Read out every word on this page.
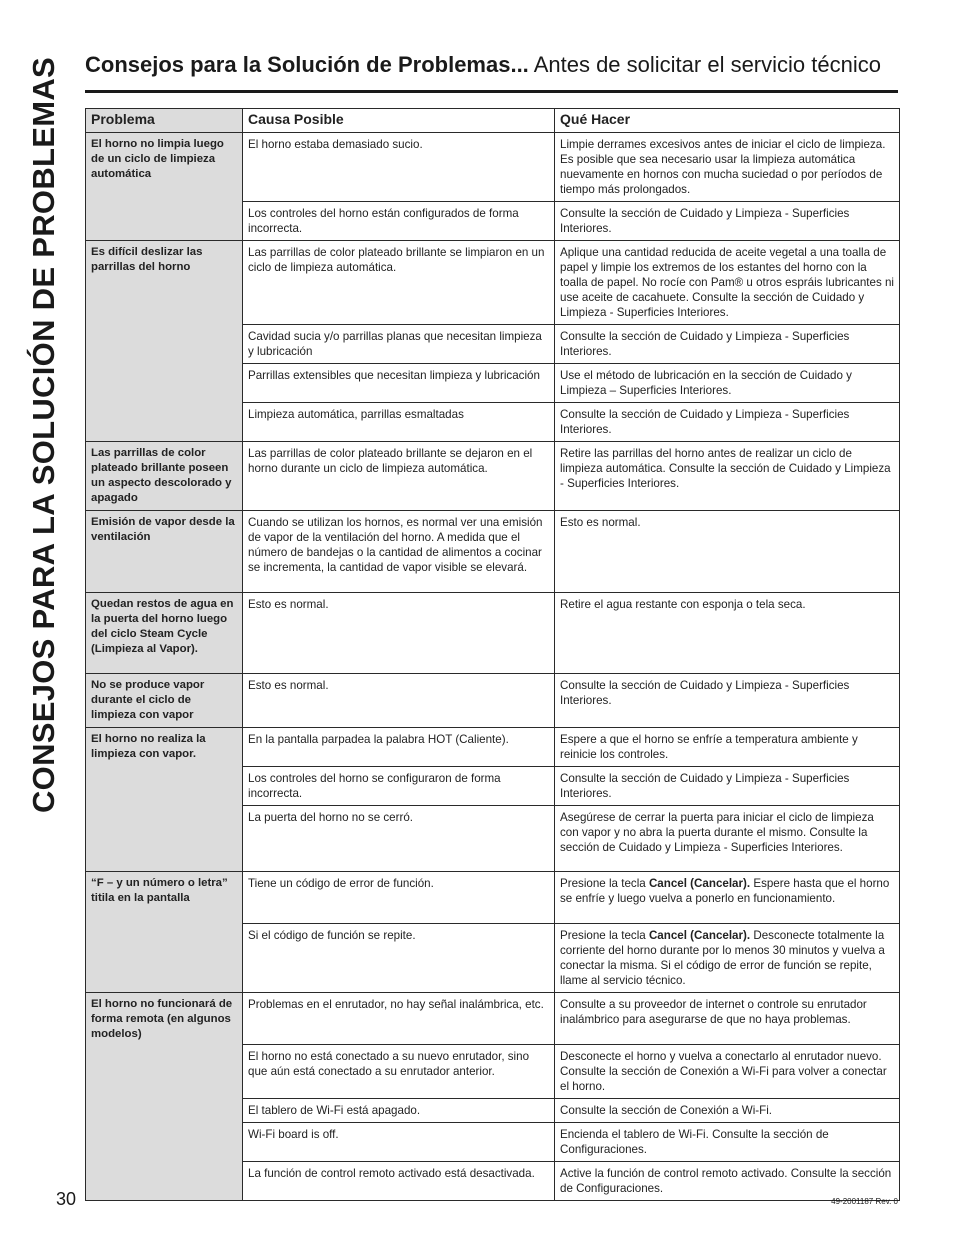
CONSEJOS PARA LA SOLUCIÓN DE PROBLEMAS Consejos para la Solución de Problemas... Antes de solicitar el servicio técnico
Problema	Causa Posible	Qué Hacer
El horno no limpia luego de un ciclo de limpieza automática	El horno estaba demasiado sucio.	Limpie derrames excesivos antes de iniciar el ciclo de limpieza. Es posible que sea necesario usar la limpieza automática nuevamente en hornos con mucha suciedad o por períodos de tiempo más prolongados.
	Los controles del horno están configurados de forma incorrecta.	Consulte la sección de Cuidado y Limpieza - Superficies Interiores.
Es difícil deslizar las parrillas del horno	Las parrillas de color plateado brillante se limpiaron en un ciclo de limpieza automática.	Aplique una cantidad reducida de aceite vegetal a una toalla de papel y limpie los extremos de los estantes del horno con la toalla de papel. No rocíe con Pam® u otros espráis lubricantes ni use aceite de cacahuete. Consulte la sección de Cuidado y Limpieza - Superficies Interiores.
	Cavidad sucia y/o parrillas planas que necesitan limpieza y lubricación	Consulte la sección de Cuidado y Limpieza - Superficies Interiores.
	Parrillas extensibles que necesitan limpieza y lubricación	Use el método de lubricación en la sección de Cuidado y Limpieza – Superficies Interiores.
	Limpieza automática, parrillas esmaltadas	Consulte la sección de Cuidado y Limpieza - Superficies Interiores.
Las parrillas de color plateado brillante poseen un aspecto descolorado y apagado	Las parrillas de color plateado brillante se dejaron en el horno durante un ciclo de limpieza automática.	Retire las parrillas del horno antes de realizar un ciclo de limpieza automática. Consulte la sección de Cuidado y Limpieza - Superficies Interiores.
Emisión de vapor desde la ventilación	Cuando se utilizan los hornos, es normal ver una emisión de vapor de la ventilación del horno. A medida que el número de bandejas o la cantidad de alimentos a cocinar se incrementa, la cantidad de vapor visible se elevará.	Esto es normal.
Quedan restos de agua en la puerta del horno luego del ciclo Steam Cycle (Limpieza al Vapor).	Esto es normal.	Retire el agua restante con esponja o tela seca.
No se produce vapor durante el ciclo de limpieza con vapor	Esto es normal.	Consulte la sección de Cuidado y Limpieza - Superficies Interiores.
El horno no realiza la limpieza con vapor.	En la pantalla parpadea la palabra HOT (Caliente).	Espere a que el horno se enfríe a temperatura ambiente y reinicie los controles.
	Los controles del horno se configuraron de forma incorrecta.	Consulte la sección de Cuidado y Limpieza - Superficies Interiores.
	La puerta del horno no se cerró.	Asegúrese de cerrar la puerta para iniciar el ciclo de limpieza con vapor y no abra la puerta durante el mismo. Consulte la sección de Cuidado y Limpieza - Superficies Interiores.
“F – y un número o letra” titila en la pantalla	Tiene un código de error de función.	Presione la tecla Cancel (Cancelar). Espere hasta que el horno se enfríe y luego vuelva a ponerlo en funcionamiento.
	Si el código de función se repite.	Presione la tecla Cancel (Cancelar). Desconecte totalmente la corriente del horno durante por lo menos 30 minutos y vuelva a conectar la misma. Si el código de error de función se repite, llame al servicio técnico.
El horno no funcionará de forma remota (en algunos modelos)	Problemas en el enrutador, no hay señal inalámbrica, etc.	Consulte a su proveedor de internet o controle su enrutador inalámbrico para asegurarse de que no haya problemas.
	El horno no está conectado a su nuevo enrutador, sino que aún está conectado a su enrutador anterior.	Desconecte el horno y vuelva a conectarlo al enrutador nuevo. Consulte la sección de Conexión a Wi-Fi para volver a conectar el horno.
	El tablero de Wi-Fi está apagado.	Consulte la sección de Conexión a Wi-Fi.
	Wi-Fi board is off.	Encienda el tablero de Wi-Fi. Consulte la sección de Configuraciones.
	La función de control remoto activado está desactivada.	Active la función de control remoto activado. Consulte la sección de Configuraciones.
30	49-2001187 Rev. 0
